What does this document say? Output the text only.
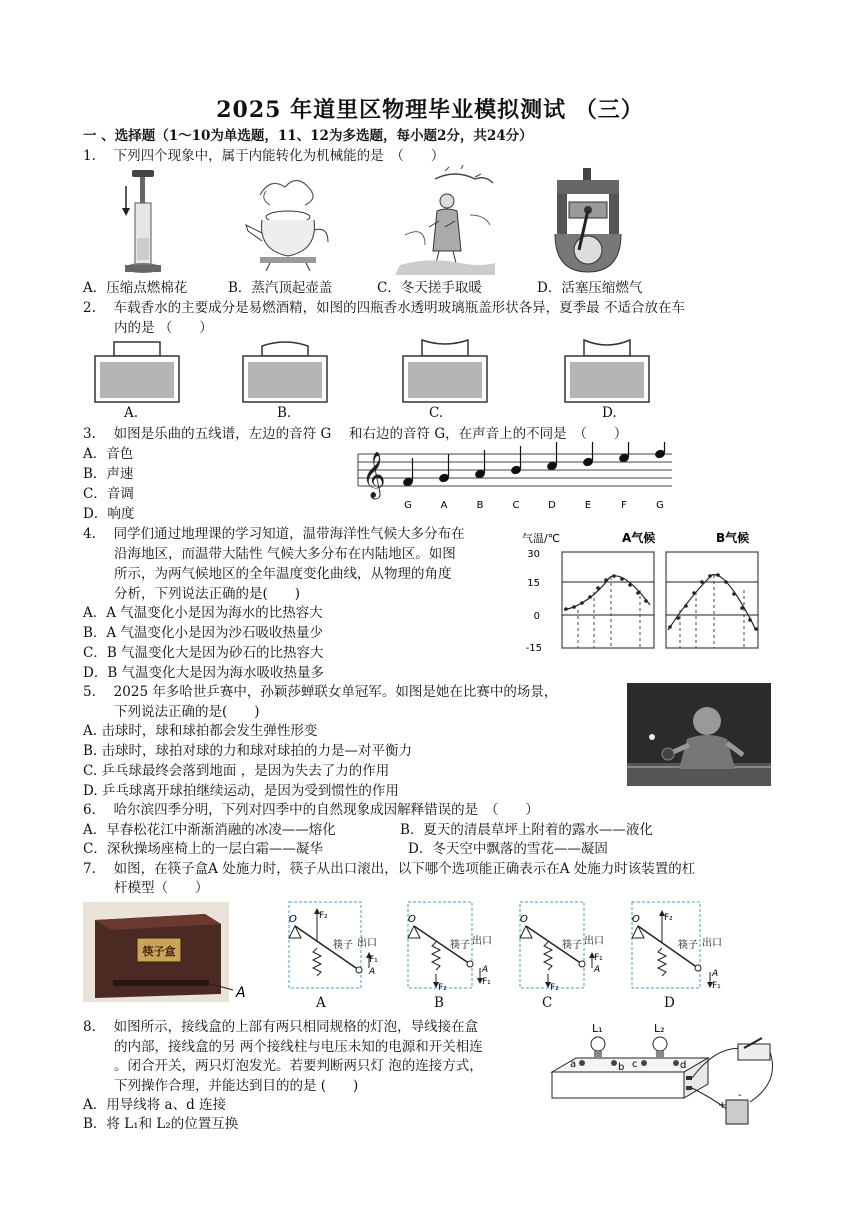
2025 年道里区物理毕业模拟测试 （三）
一 、选择题（1～10为单选题，11、12为多选题，每小题2分，共24分）
1.　 下列四个现象中，属于内能转化为机械能的是　（　　）
A．压缩点燃棉花	B．蒸汽顶起壶盖	C．冬天搓手取暖	D．活塞压缩燃气
2.　 车载香水的主要成分是易燃酒精，如图的四瓶香水透明玻璃瓶盖形状各异，夏季最 不适合放在车
内的是 （　　）
A.	B.	C.	D.
3.　 如图是乐曲的五线谱，左边的音符 G　 和右边的音符 G，在声音上的不同是　（　　）
A．音色
B．声速
C．音调
D．响度
𝄞
G	A	B	C	D	E	F	G
4.　 同学们通过地理课的学习知道，温带海洋性气候大多分布在
沿海地区，而温带大陆性 气候大多分布在内陆地区。如图
所示，为两气候地区的全年温度变化曲线，从物理的角度
分析，下列说法正确的是(　　)
A．A 气温变化小是因为海水的比热容大
B．A 气温变化小是因为沙石吸收热量少
C．B 气温变化大是因为砂石的比热容大
D．B 气温变化大是因为海水吸收热量多
气温/℃	A气候	B气候
30
15
0
-15
5.　 2025 年多哈世乒赛中，孙颖莎蝉联女单冠军。如图是她在比赛中的场景，
下列说法正确的是(　　)
A. 击球时，球和球拍都会发生弹性形变
B. 击球时，球拍对球的力和球对球拍的力是—对平衡力
C. 乒乓球最终会落到地面 ，是因为失去了力的作用
D. 乒乓球离开球拍继续运动，是因为受到惯性的作用
6.　 哈尔滨四季分明，下列对四季中的自然现象成因解释错误的是　（　　）
A．早春松花江中渐渐消融的冰凌——熔化	B．夏天的清晨草坪上附着的露水——液化
C．深秋操场座椅上的一层白霜——凝华	D．冬天空中飘落的雪花——凝固
7.　 如图，在筷子盒A 处施力时，筷子从出口滚出，以下哪个选项能正确表示在A 处施力时该装置的杠
杆模型（　　）
筷子盒
A
O F₂
筷子 出口
F₁
A
O
F₂
筷子 出口
A
F₁
O
F₂
筷子 出口
F₁
A
O	F₂
筷子 出口
A
F₁
A	B	C	D
8.　 如图所示，接线盒的上部有两只相同规格的灯泡，导线接在盒
的内部，接线盒的另 两个接线柱与电压未知的电源和开关相连
。闭合开关，两只灯泡发光。若要判断两只灯 泡的连接方式，
下列操作合理，并能达到目的的是 (　　)
A．用导线将 a、d 连接
B．将 L₁和 L₂的位置互换
L₁	L₂
a	b c	d
+
-
